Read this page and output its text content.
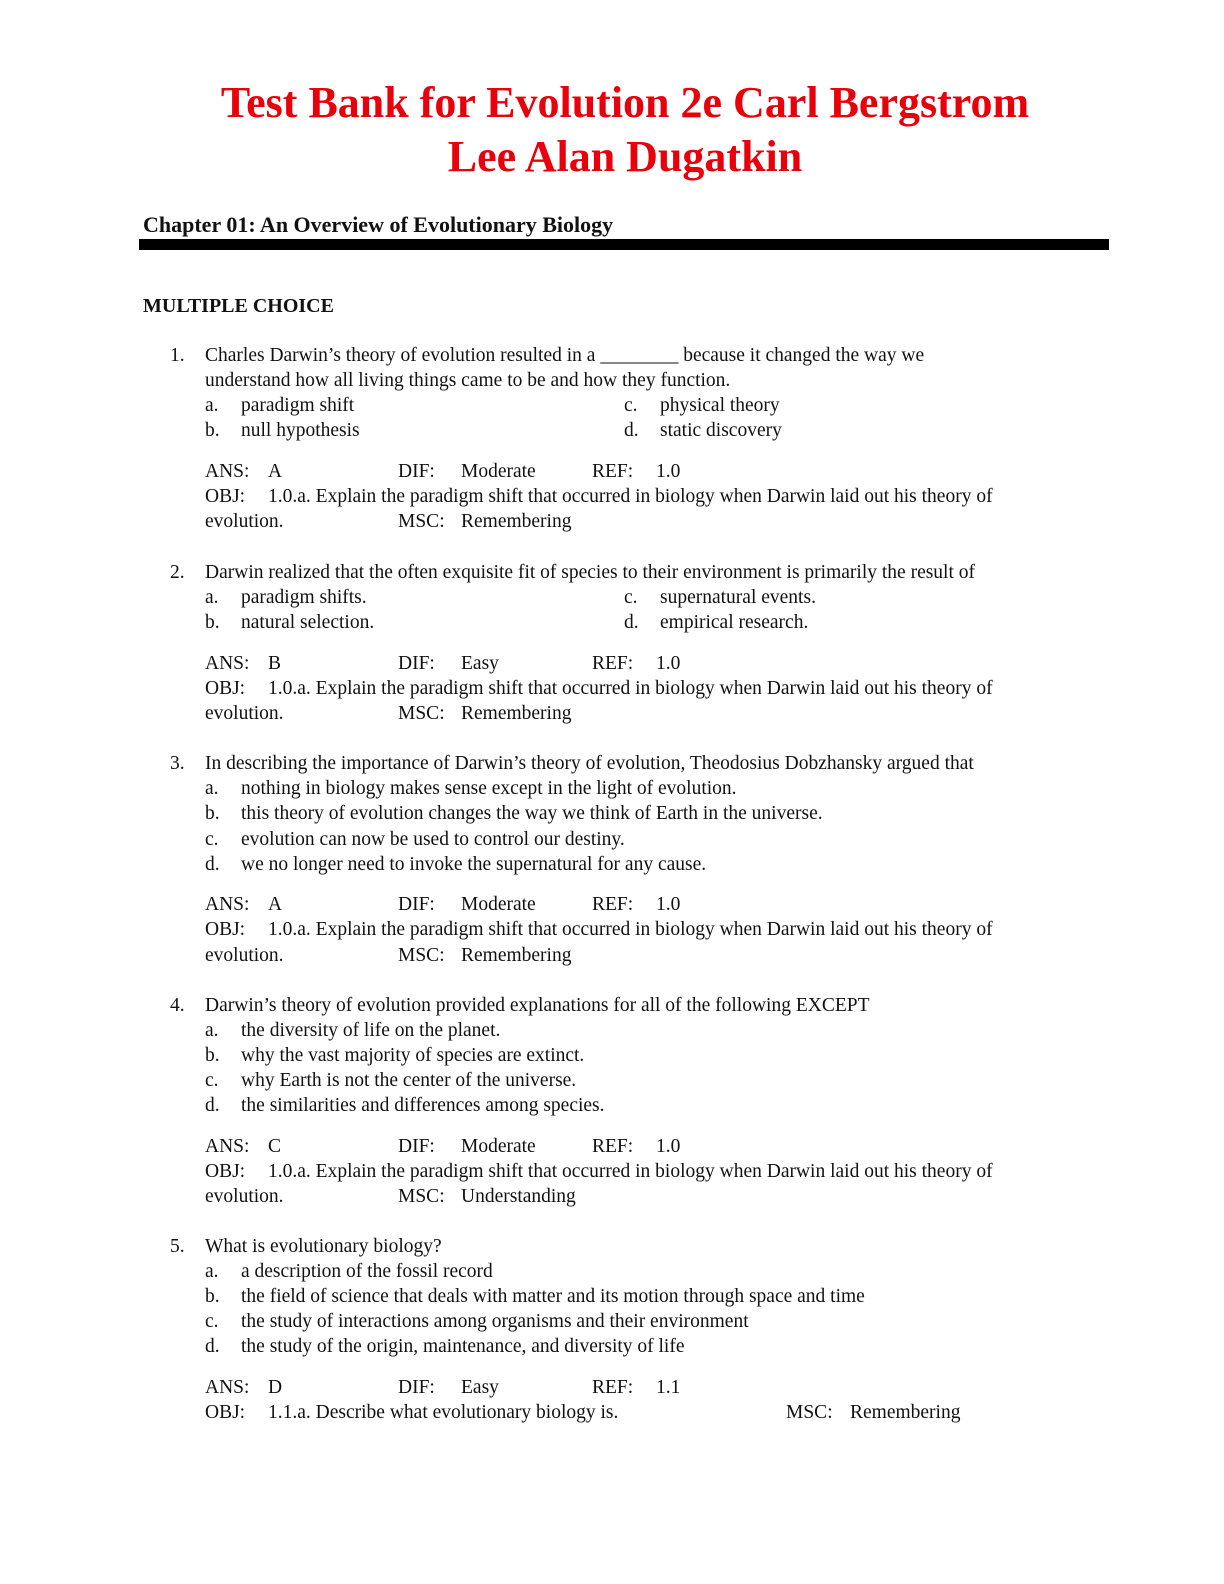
Test Bank for Evolution 2e Carl Bergstrom
Lee Alan Dugatkin
Chapter 01: An Overview of Evolutionary Biology
MULTIPLE CHOICE
1. Charles Darwin’s theory of evolution resulted in a ________ because it changed the way we
understand how all living things came to be and how they function.
a. paradigm shift
b. null hypothesis
c. physical theory
d. static discovery
ANS: A	DIF: Moderate	REF: 1.0
OBJ: 1.0.a. Explain the paradigm shift that occurred in biology when Darwin laid out his theory of
evolution.	MSC: Remembering
2. Darwin realized that the often exquisite fit of species to their environment is primarily the result of
a. paradigm shifts.
b. natural selection.
c. supernatural events.
d. empirical research.
ANS: B	DIF: Easy	REF: 1.0
OBJ: 1.0.a. Explain the paradigm shift that occurred in biology when Darwin laid out his theory of
evolution.	MSC: Remembering
3. In describing the importance of Darwin’s theory of evolution, Theodosius Dobzhansky argued that
a. nothing in biology makes sense except in the light of evolution.
b. this theory of evolution changes the way we think of Earth in the universe.
c. evolution can now be used to control our destiny.
d. we no longer need to invoke the supernatural for any cause.
ANS: A	DIF: Moderate	REF: 1.0
OBJ: 1.0.a. Explain the paradigm shift that occurred in biology when Darwin laid out his theory of
evolution.	MSC: Remembering
4. Darwin’s theory of evolution provided explanations for all of the following EXCEPT
a. the diversity of life on the planet.
b. why the vast majority of species are extinct.
c. why Earth is not the center of the universe.
d. the similarities and differences among species.
ANS: C	DIF: Moderate	REF: 1.0
OBJ: 1.0.a. Explain the paradigm shift that occurred in biology when Darwin laid out his theory of
evolution.	MSC: Understanding
5. What is evolutionary biology?
a. a description of the fossil record
b. the field of science that deals with matter and its motion through space and time
c. the study of interactions among organisms and their environment
d. the study of the origin, maintenance, and diversity of life
ANS: D	DIF: Easy	REF: 1.1
OBJ: 1.1.a. Describe what evolutionary biology is.	MSC: Remembering
